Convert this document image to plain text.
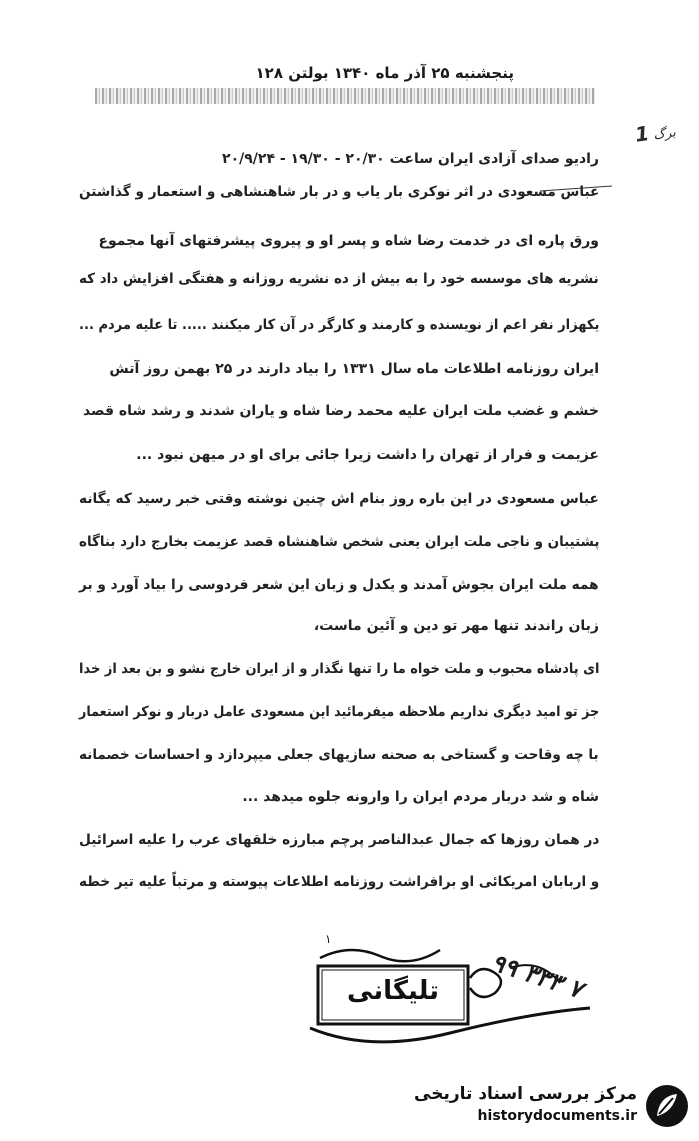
پنجشنبه ۲۵ آذر ماه ۱۳۴۰ بولتن ۱۲۸
برگ 1
رادیو صدای آزادی ایران ساعت ۲۰/۳۰ - ۱۹/۳۰ - ۲۰/۹/۲۴
عباس مسعودی در اثر نوکری بار یاب و در بار شاهنشاهی و استعمار و گذاشتن
ورق پاره ای در خدمت رضا شاه و پسر او و پیروی پیشرفتهای آنها مجموع
نشریه های موسسه خود را به بیش از ده نشریه روزانه و هفتگی افزایش داد که
یکهزار نفر اعم از نویسنده و کارمند و کارگر در آن کار میکنند ..... تا علیه مردم ...
ایران روزنامه اطلاعات ماه سال ۱۳۳۱ را بیاد دارند در ۲۵ بهمن روز آتش
خشم و غضب ملت ایران علیه محمد رضا شاه و یاران شدند و رشد شاه قصد
عزیمت و فرار از تهران را داشت زیرا جائی برای او در میهن نبود ...
عباس مسعودی در این باره روز بنام اش چنین نوشته وقتی خبر رسید که یگانه
پشتیبان و ناجی ملت ایران یعنی شخص شاهنشاه قصد عزیمت بخارج دارد بناگاه
همه ملت ایران بجوش آمدند و یکدل و زبان این شعر فردوسی را بیاد آورد و بر
زبان راندند تنها مهر تو دین و آئین ماست،
ای پادشاه محبوب و ملت خواه ما را تنها نگذار و از ایران خارج نشو و بن بعد از خدا
جز تو امید دیگری نداریم ملاحظه میفرمائید این مسعودی عامل دربار و نوکر استعمار
با چه وقاحت و گستاخی به صحنه سازیهای جعلی میپردازد و احساسات خصمانه
شاه و شد دربار مردم ایران را وارونه جلوه میدهد ...
در همان روزها که جمال عبدالناصر پرچم مبارزه خلقهای عرب را علیه اسرائیل
و اربابان امریکائی او برافراشت روزنامه اطلاعات پیوسته و مرتباً علیه تیر خطه
۱
تلیگانی	۹۹ ۳۳۳ ۷
مرکز بررسی اسناد تاریخی
historydocuments.ir
